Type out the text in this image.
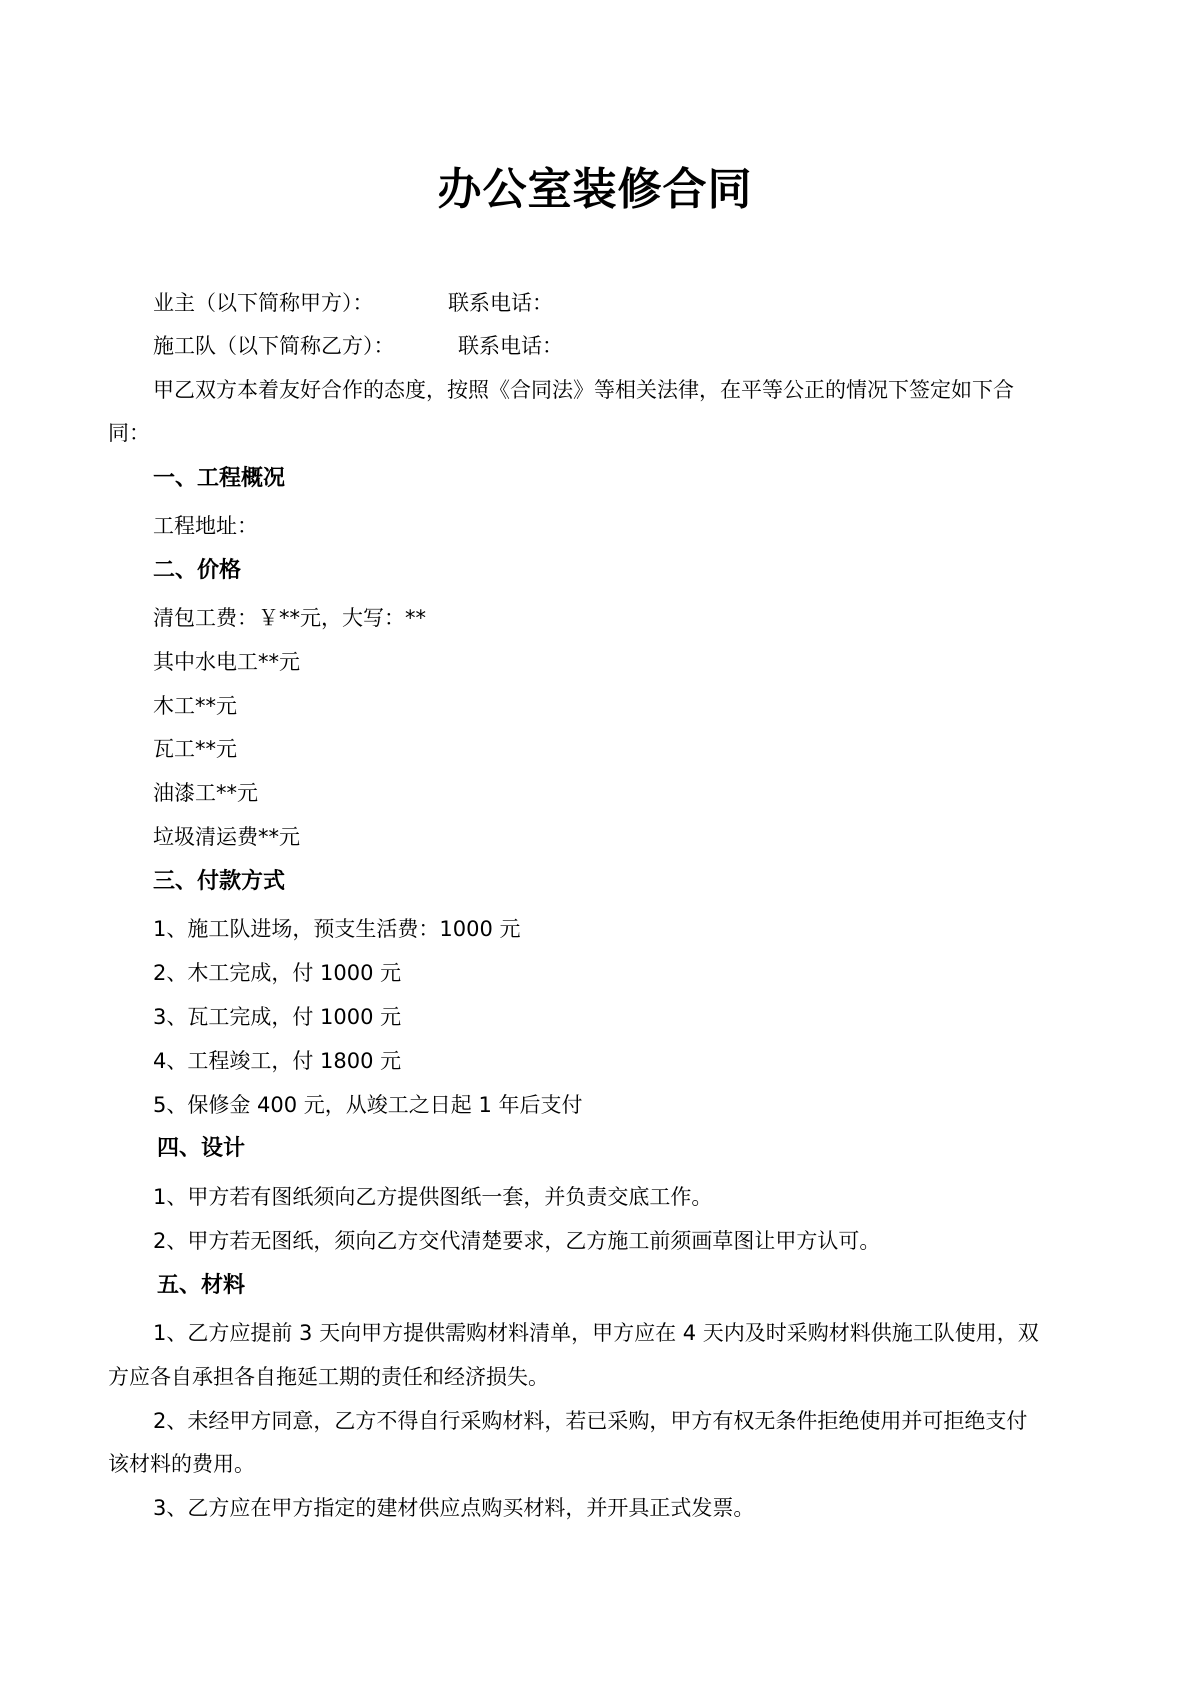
办公室装修合同
业主（以下简称甲方）：	联系电话：
施工队（以下简称乙方）：	联系电话：
甲乙双方本着友好合作的态度，按照《合同法》等相关法律，在平等公正的情况下签定如下合
同：
一、工程概况
工程地址：
二、价格
清包工费：￥**元，大写：**
其中水电工**元
木工**元
瓦工**元
油漆工**元
垃圾清运费**元
三、付款方式
1、施工队进场，预支生活费：1000 元
2、木工完成，付 1000 元
3、瓦工完成，付 1000 元
4、工程竣工，付 1800 元
5、保修金 400 元，从竣工之日起 1 年后支付
四、设计
1、甲方若有图纸须向乙方提供图纸一套，并负责交底工作。
2、甲方若无图纸，须向乙方交代清楚要求，乙方施工前须画草图让甲方认可。
五、材料
1、乙方应提前 3 天向甲方提供需购材料清单，甲方应在 4 天内及时采购材料供施工队使用，双
方应各自承担各自拖延工期的责任和经济损失。
2、未经甲方同意，乙方不得自行采购材料，若已采购，甲方有权无条件拒绝使用并可拒绝支付
该材料的费用。
3、乙方应在甲方指定的建材供应点购买材料，并开具正式发票。
